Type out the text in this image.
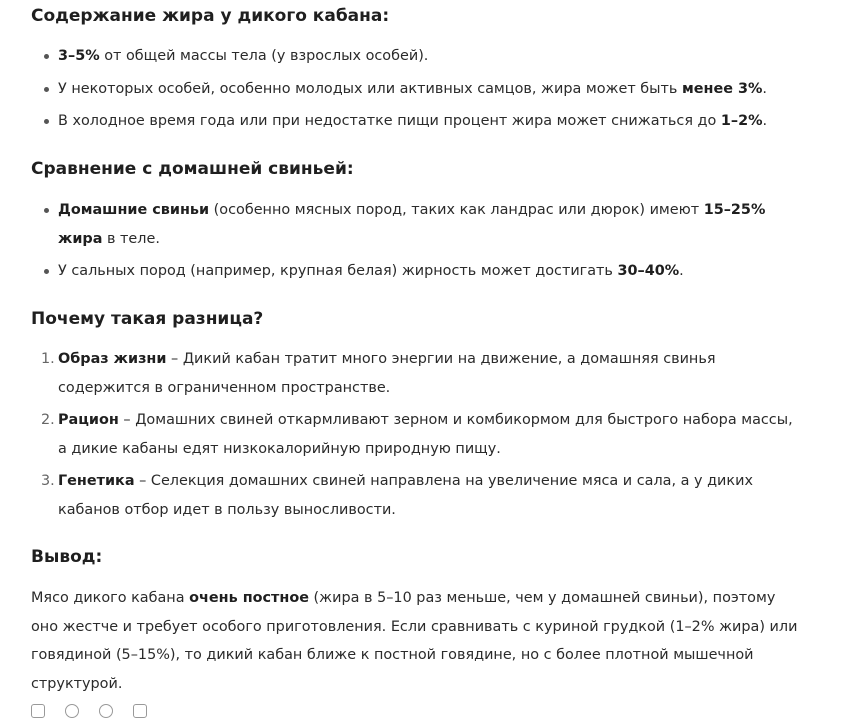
Содержание жира у дикого кабана:
3–5% от общей массы тела (у взрослых особей).
У некоторых особей, особенно молодых или активных самцов, жира может быть менее 3%.
В холодное время года или при недостатке пищи процент жира может снижаться до 1–2%.
Сравнение с домашней свиньей:
Домашние свиньи (особенно мясных пород, таких как ландрас или дюрок) имеют 15–25% жира в теле.
У сальных пород (например, крупная белая) жирность может достигать 30–40%.
Почему такая разница?
1. Образ жизни – Дикий кабан тратит много энергии на движение, а домашняя свинья содержится в ограниченном пространстве.
2. Рацион – Домашних свиней откармливают зерном и комбикормом для быстрого набора массы, а дикие кабаны едят низкокалорийную природную пищу.
3. Генетика – Селекция домашних свиней направлена на увеличение мяса и сала, а у диких кабанов отбор идет в пользу выносливости.
Вывод:

Мясо дикого кабана очень постное (жира в 5–10 раз меньше, чем у домашней свиньи), поэтому оно жестче и требует особого приготовления. Если сравнивать с куриной грудкой (1–2% жира) или говядиной (5–15%), то дикий кабан ближе к постной говядине, но с более плотной мышечной структурой.
